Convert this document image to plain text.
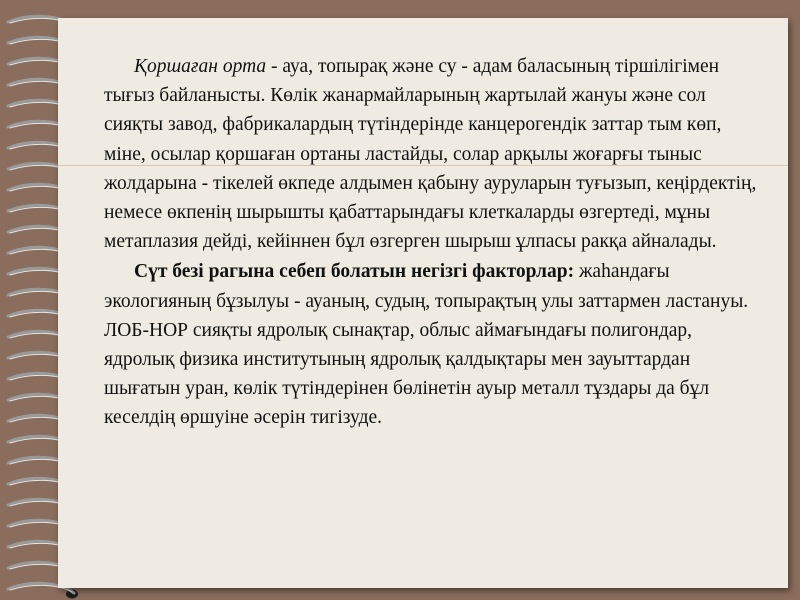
Қоршаған орта - ауа, топырақ және су - адам баласының тіршілігімен тығыз байланысты. Көлік жанармайларының жартылай жануы және сол сияқты завод, фабрикалардың түтіндерінде канцерогендік заттар тым көп, міне, осылар қоршаған ортаны ластайды, солар арқылы жоғарғы тыныс жолдарына - тікелей өкпеде алдымен қабыну ауруларын туғызып, кеңірдектің, немесе өкпенің шырышты қабаттарындағы клеткаларды өзгертеді, мұны метаплазия дейді, кейіннен бұл өзгерген шырыш ұлпасы ракқа айналады.

Сүт безі рагына себеп болатын негізгі факторлар: жаһандағы экологияның бұзылуы - ауаның, судың, топырақтың улы заттармен ластануы. ЛОБ-НОР сияқты ядролық сынақтар, облыс аймағындағы полигондар, ядролық физика институтының ядролық қалдықтары мен зауыттардан шығатын уран, көлік түтіндерінен бөлінетін ауыр металл тұздары да бұл кеселдің өршуіне әсерін тигізуде.
